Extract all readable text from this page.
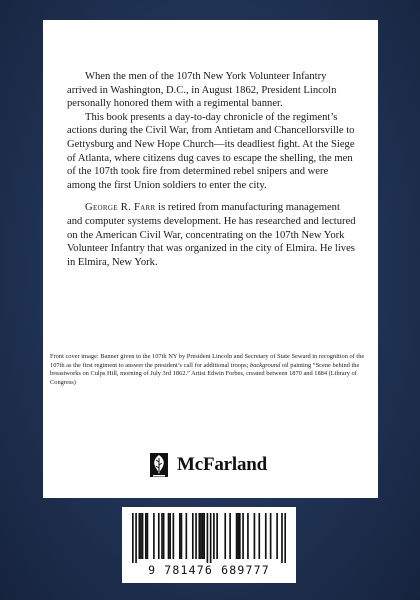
When the men of the 107th New York Volunteer Infantry arrived in Washington, D.C., in August 1862, President Lincoln personally honored them with a regimental banner.

This book presents a day-to-day chronicle of the regiment’s actions during the Civil War, from Antietam and Chancellorsville to Gettysburg and New Hope Church—its deadliest fight. At the Siege of Atlanta, where citizens dug caves to escape the shelling, the men of the 107th took fire from determined rebel snipers and were among the first Union soldiers to enter the city.

George R. Farr is retired from manufacturing management and computer systems development. He has researched and lectured on the American Civil War, concentrating on the 107th New York Volunteer Infantry that was organized in the city of Elmira. He lives in Elmira, New York.

Front cover image: Banner given to the 107th NY by President Lincoln and Secretary of State Seward in recognition of the 107th as the first regiment to answer the president’s call for additional troops; background oil painting “Scene behind the breastworks on Culps Hill, morning of July 3rd 1862.” Artist Edwin Forbes, created between 1870 and 1884 (Library of Congress)
McFarland
9 781476 689777
